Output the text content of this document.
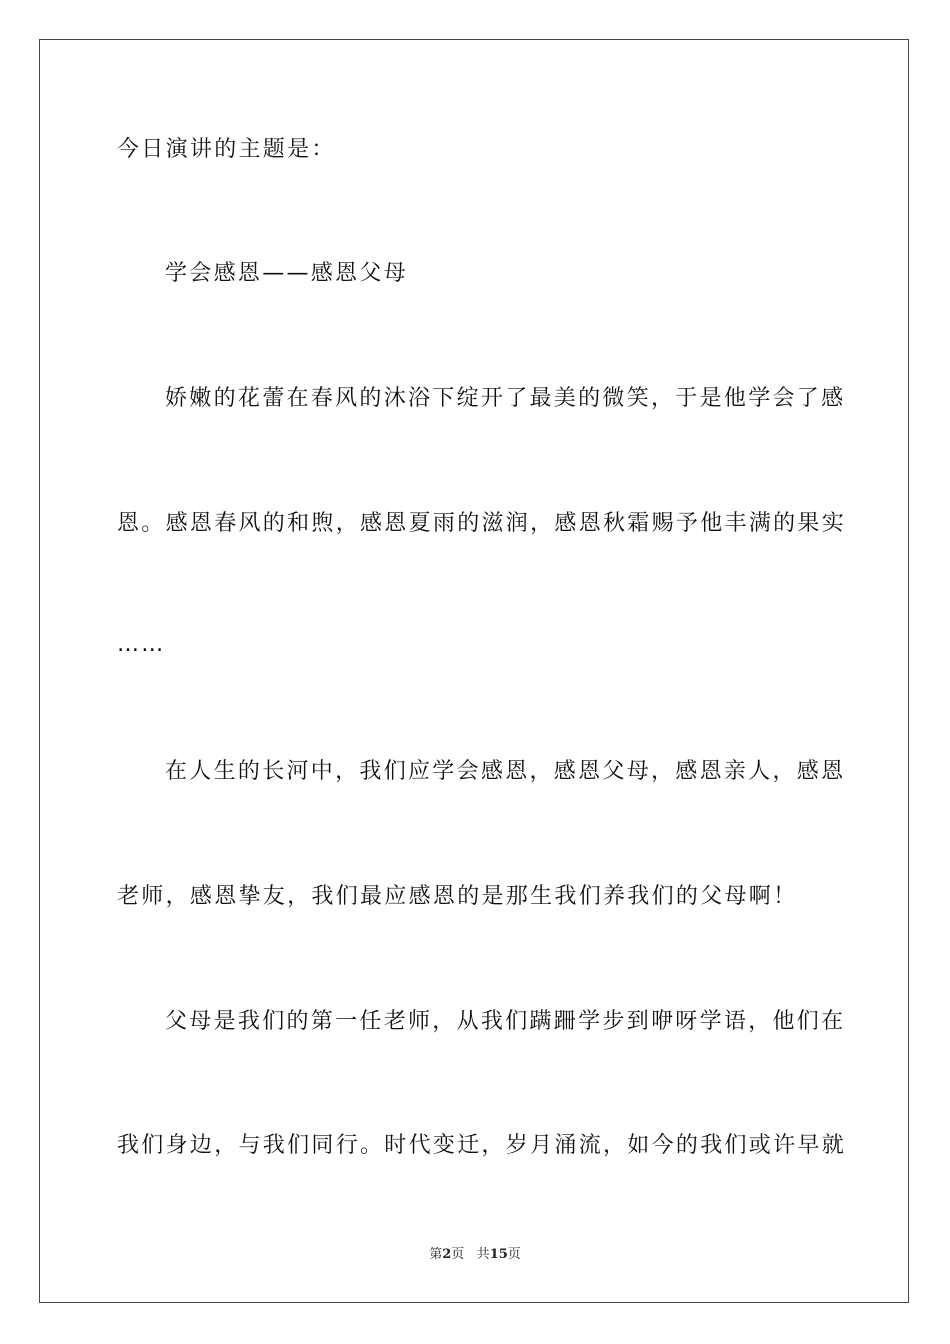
今日演讲的主题是：
学会感恩——感恩父母
娇嫩的花蕾在春风的沐浴下绽开了最美的微笑，于是他学会了感
恩。感恩春风的和煦，感恩夏雨的滋润，感恩秋霜赐予他丰满的果实
……
在人生的长河中，我们应学会感恩，感恩父母，感恩亲人，感恩
老师，感恩挚友，我们最应感恩的是那生我们养我们的父母啊！
父母是我们的第一任老师，从我们蹒跚学步到咿呀学语，他们在
我们身边，与我们同行。时代变迁，岁月涌流，如今的我们或许早就
第2页 共15页
